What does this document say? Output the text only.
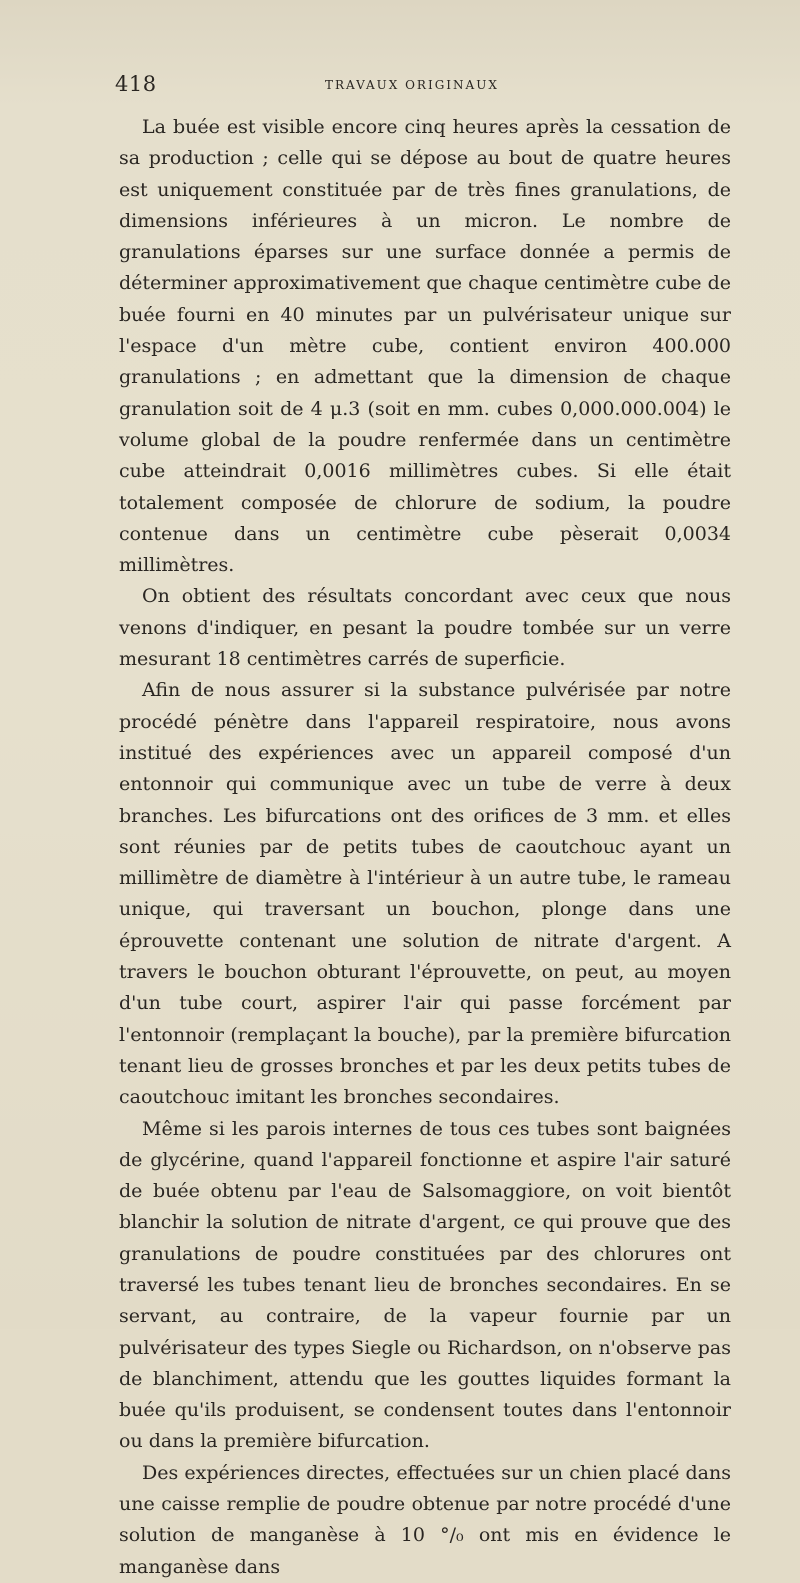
418	TRAVAUX ORIGINAUX

La buée est visible encore cinq heures après la cessation de sa production ; celle qui se dépose au bout de quatre heures est uniquement constituée par de très fines granulations, de dimensions inférieures à un micron. Le nombre de granulations éparses sur une surface donnée a permis de déterminer approximativement que chaque centimètre cube de buée fourni en 40 minutes par un pulvérisateur unique sur l'espace d'un mètre cube, contient environ 400.000 granulations ; en admettant que la dimension de chaque granulation soit de 4 μ.3 (soit en mm. cubes 0,000.000.004) le volume global de la poudre renfermée dans un centimètre cube atteindrait 0,0016 millimètres cubes. Si elle était totalement composée de chlorure de sodium, la poudre contenue dans un centimètre cube pèserait 0,0034 millimètres.

On obtient des résultats concordant avec ceux que nous venons d'indiquer, en pesant la poudre tombée sur un verre mesurant 18 centimètres carrés de superficie.

Afin de nous assurer si la substance pulvérisée par notre procédé pénètre dans l'appareil respiratoire, nous avons institué des expériences avec un appareil composé d'un entonnoir qui communique avec un tube de verre à deux branches. Les bifurcations ont des orifices de 3 mm. et elles sont réunies par de petits tubes de caoutchouc ayant un millimètre de diamètre à l'intérieur à un autre tube, le rameau unique, qui traversant un bouchon, plonge dans une éprouvette contenant une solution de nitrate d'argent. A travers le bouchon obturant l'éprouvette, on peut, au moyen d'un tube court, aspirer l'air qui passe forcément par l'entonnoir (remplaçant la bouche), par la première bifurcation tenant lieu de grosses bronches et par les deux petits tubes de caoutchouc imitant les bronches secondaires.

Même si les parois internes de tous ces tubes sont baignées de glycérine, quand l'appareil fonctionne et aspire l'air saturé de buée obtenu par l'eau de Salsomaggiore, on voit bientôt blanchir la solution de nitrate d'argent, ce qui prouve que des granulations de poudre constituées par des chlorures ont traversé les tubes tenant lieu de bronches secondaires. En se servant, au contraire, de la vapeur fournie par un pulvérisateur des types Siegle ou Richardson, on n'observe pas de blanchiment, attendu que les gouttes liquides formant la buée qu'ils produisent, se condensent toutes dans l'entonnoir ou dans la première bifurcation.

Des expériences directes, effectuées sur un chien placé dans une caisse remplie de poudre obtenue par notre procédé d'une solution de manganèse à 10 °/₀ ont mis en évidence le manganèse dans
